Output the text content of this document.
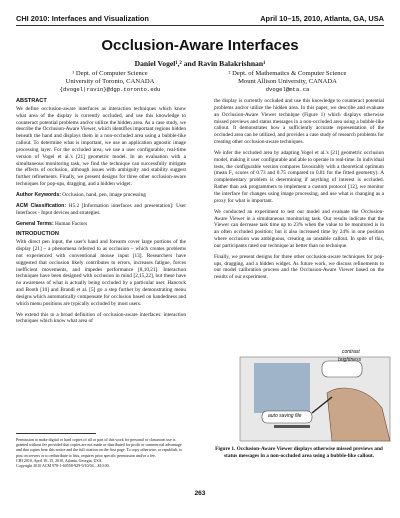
CHI 2010: Interfaces and Visualization	April 10–15, 2010, Atlanta, GA, USA
Occlusion-Aware Interfaces
Daniel Vogel¹,² and Ravin Balakrishnan¹
¹ Dept. of Computer Science
University of Toronto, CANADA
{dvogel|ravin}@dgp.toronto.edu
² Dept. of Mathematics & Computer Science
Mount Allison University, CANADA
dvogel@mta.ca
ABSTRACT

We define occlusion-aware interfaces as interaction techniques which know what area of the display is currently occluded, and use this knowledge to counteract potential problems and/or utilize the hidden area. As a case study, we describe the Occlusion-Aware Viewer, which identifies important regions hidden beneath the hand and displays them in a non-occluded area using a bubble-like callout. To determine what is important, we use an application agnostic image processing layer. For the occluded area, we use a user configurable, real-time version of Vogel et al.'s [21] geometric model. In an evaluation with a simultaneous monitoring task, we find the technique can successfully mitigate the effects of occlusion, although issues with ambiguity and stability suggest further refinements. Finally, we present designs for three other occlusion-aware techniques for pop-ups, dragging, and a hidden widget.

Author Keywords: Occlusion, hand, pen, image processing

ACM Classification: H5.2 [Information interfaces and presentation]: User Interfaces - Input devices and strategies.

General Terms: Human Factors

INTRODUCTION

With direct pen input, the user's hand and forearm cover large portions of the display [21] – a phenomena referred to as occlusion – which creates problems not experienced with conventional mouse input [13]. Researchers have suggested that occlusion likely contributes to errors, increases fatigue, forces inefficient movements, and impedes performance [8,10,21]. Interaction techniques have been designed with occlusion in mind [2,15,22], but these have no awareness of what is actually being occluded by a particular user. Hancock and Booth [10] and Brandl et al. [5] go a step further by demonstrating menu designs which automatically compensate for occlusion based on handedness and which menu positions are typically occluded by most users.

We extend this to a broad definition of occlusion-aware interfaces: interaction techniques which know what area of

Permission to make digital or hard copies of all or part of this work for personal or classroom use is granted without fee provided that copies are not made or distributed for profit or commercial advantage and that copies bear this notice and the full citation on the first page. To copy otherwise, or republish, to post on servers or to redistribute to lists, requires prior specific permission and/or a fee.
CHI 2010, April 10–15, 2010, Atlanta, Georgia, USA.
Copyright 2010 ACM 978-1-60558-929-9/10/04....$10.00.

the display is currently occluded and use this knowledge to counteract potential problems and/or utilize the hidden area. In this paper, we describe and evaluate an Occlusion-Aware Viewer technique (Figure 1) which displays otherwise missed previews and status messages in a non-occluded area using a bubble-like callout. It demonstrates how a sufficiently accurate representation of the occluded area can be utilized, and provides a case study of research problems for creating other occlusion-aware techniques.

We infer the occluded area by adapting Vogel et al.'s [21] geometric occlusion model, making it user configurable and able to operate in real-time. In individual tests, the configurable version compares favourably with a theoretical optimum (mean F₁ scores of 0.73 and 0.75 compared to 0.81 for the fitted geometry). A complementary problem is determining if anything of interest is occluded. Rather than ask programmers to implement a custom protocol [12], we monitor the interface for changes using image processing, and use what is changing as a proxy for what is important.

We conducted an experiment to test our model and evaluate the Occlusion-Aware Viewer in a simultaneous monitoring task. Our results indicate that the Viewer can decrease task time up to 23% when the value to be monitored is in an often occluded position; but it also increased time by 24% in one position where occlusion was ambiguous, creating an unstable callout. In spite of this, our participants rated our technique as better than no technique.

Finally, we present designs for three other occlusion-aware techniques for pop-ups, dragging, and a hidden widget. As future work, we discuss refinements to our model calibration process and the Occlusion-Aware Viewer based on the results of our experiment.

contrast
brightness
auto saving file
Figure 1. Occlusion-Aware Viewer displays otherwise missed previews and status messages in a non-occluded area using a bubble-like callout.
263
